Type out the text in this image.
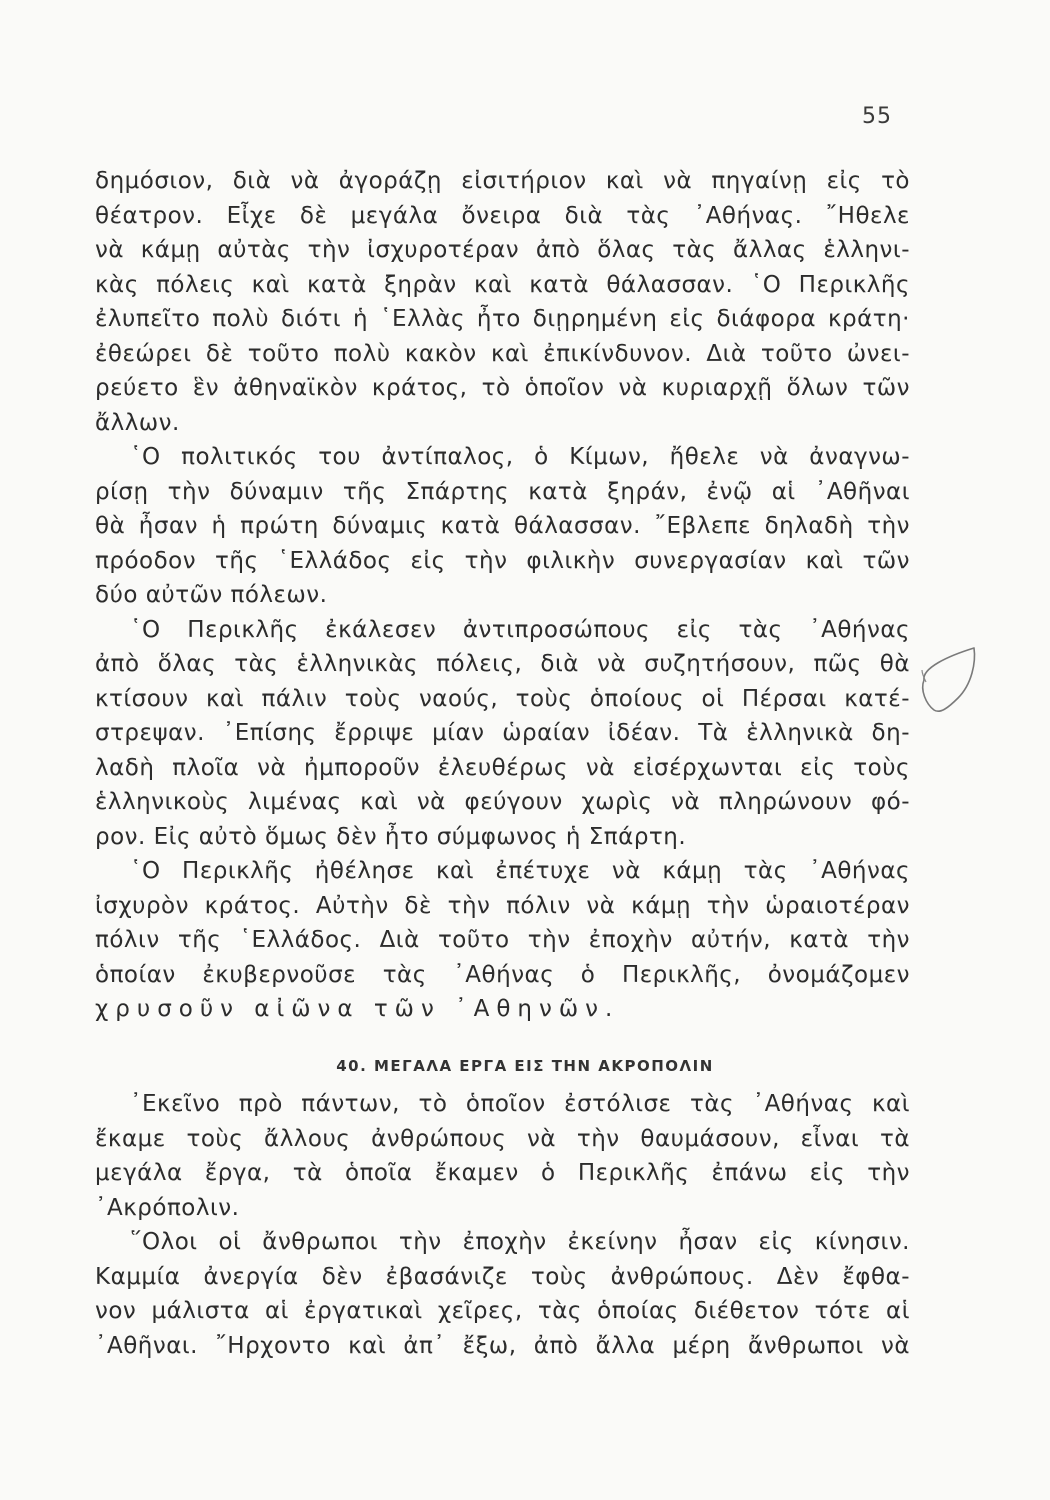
55
δημόσιον, διὰ νὰ ἀγοράζῃ εἰσιτήριον καὶ νὰ πηγαίνῃ εἰς τὸ
θέατρον. Εἶχε δὲ μεγάλα ὄνειρα διὰ τὰς ᾿Αθήνας. ῎Ηθελε
νὰ κάμῃ αὐτὰς τὴν ἰσχυροτέραν ἀπὸ ὅλας τὰς ἄλλας ἑλληνι-
κὰς πόλεις καὶ κατὰ ξηρὰν καὶ κατὰ θάλασσαν. ῾Ο Περικλῆς
ἐλυπεῖτο πολὺ διότι ἡ ῾Ελλὰς ἦτο διῃρημένη εἰς διάφορα κράτη·
ἐθεώρει δὲ τοῦτο πολὺ κακὸν καὶ ἐπικίνδυνον. Διὰ τοῦτο ὠνει-
ρεύετο ἓν ἀθηναϊκὸν κράτος, τὸ ὁποῖον νὰ κυριαρχῇ ὅλων τῶν
ἄλλων.
῾Ο πολιτικός του ἀντίπαλος, ὁ Κίμων, ἤθελε νὰ ἀναγνω-
ρίσῃ τὴν δύναμιν τῆς Σπάρτης κατὰ ξηράν, ἐνῷ αἱ ᾿Αθῆναι
θὰ ἦσαν ἡ πρώτη δύναμις κατὰ θάλασσαν. ῎Εβλεπε δηλαδὴ τὴν
πρόοδον τῆς ῾Ελλάδος εἰς τὴν φιλικὴν συνεργασίαν καὶ τῶν
δύο αὐτῶν πόλεων.
῾Ο Περικλῆς ἐκάλεσεν ἀντιπροσώπους εἰς τὰς ᾿Αθήνας
ἀπὸ ὅλας τὰς ἑλληνικὰς πόλεις, διὰ νὰ συζητήσουν, πῶς θὰ
κτίσουν καὶ πάλιν τοὺς ναούς, τοὺς ὁποίους οἱ Πέρσαι κατέ-
στρεψαν. ᾿Επίσης ἔρριψε μίαν ὡραίαν ἰδέαν. Τὰ ἑλληνικὰ δη-
λαδὴ πλοῖα νὰ ἠμποροῦν ἐλευθέρως νὰ εἰσέρχωνται εἰς τοὺς
ἑλληνικοὺς λιμένας καὶ νὰ φεύγουν χωρὶς νὰ πληρώνουν φό-
ρον. Εἰς αὐτὸ ὅμως δὲν ἦτο σύμφωνος ἡ Σπάρτη.
῾Ο Περικλῆς ἠθέλησε καὶ ἐπέτυχε νὰ κάμῃ τὰς ᾿Αθήνας
ἰσχυρὸν κράτος. Αὐτὴν δὲ τὴν πόλιν νὰ κάμῃ τὴν ὡραιοτέραν
πόλιν τῆς ῾Ελλάδος. Διὰ τοῦτο τὴν ἐποχὴν αὐτήν, κατὰ τὴν
ὁποίαν ἐκυβερνοῦσε τὰς ᾿Αθήνας ὁ Περικλῆς, ὀνομάζομεν
χρυσοῦν αἰῶνα τῶν ᾿Αθηνῶν.
40. ΜΕΓΑΛΑ ΕΡΓΑ ΕΙΣ ΤΗΝ ΑΚΡΟΠΟΛΙΝ
᾿Εκεῖνο πρὸ πάντων, τὸ ὁποῖον ἐστόλισε τὰς ᾿Αθήνας καὶ
ἔκαμε τοὺς ἄλλους ἀνθρώπους νὰ τὴν θαυμάσουν, εἶναι τὰ
μεγάλα ἔργα, τὰ ὁποῖα ἔκαμεν ὁ Περικλῆς ἐπάνω εἰς τὴν
᾿Ακρόπολιν.
῞Ολοι οἱ ἄνθρωποι τὴν ἐποχὴν ἐκείνην ἦσαν εἰς κίνησιν.
Καμμία ἀνεργία δὲν ἐβασάνιζε τοὺς ἀνθρώπους. Δὲν ἔφθα-
νον μάλιστα αἱ ἐργατικαὶ χεῖρες, τὰς ὁποίας διέθετον τότε αἱ
᾿Αθῆναι. ῎Ηρχοντο καὶ ἀπ᾿ ἔξω, ἀπὸ ἄλλα μέρη ἄνθρωποι νὰ
